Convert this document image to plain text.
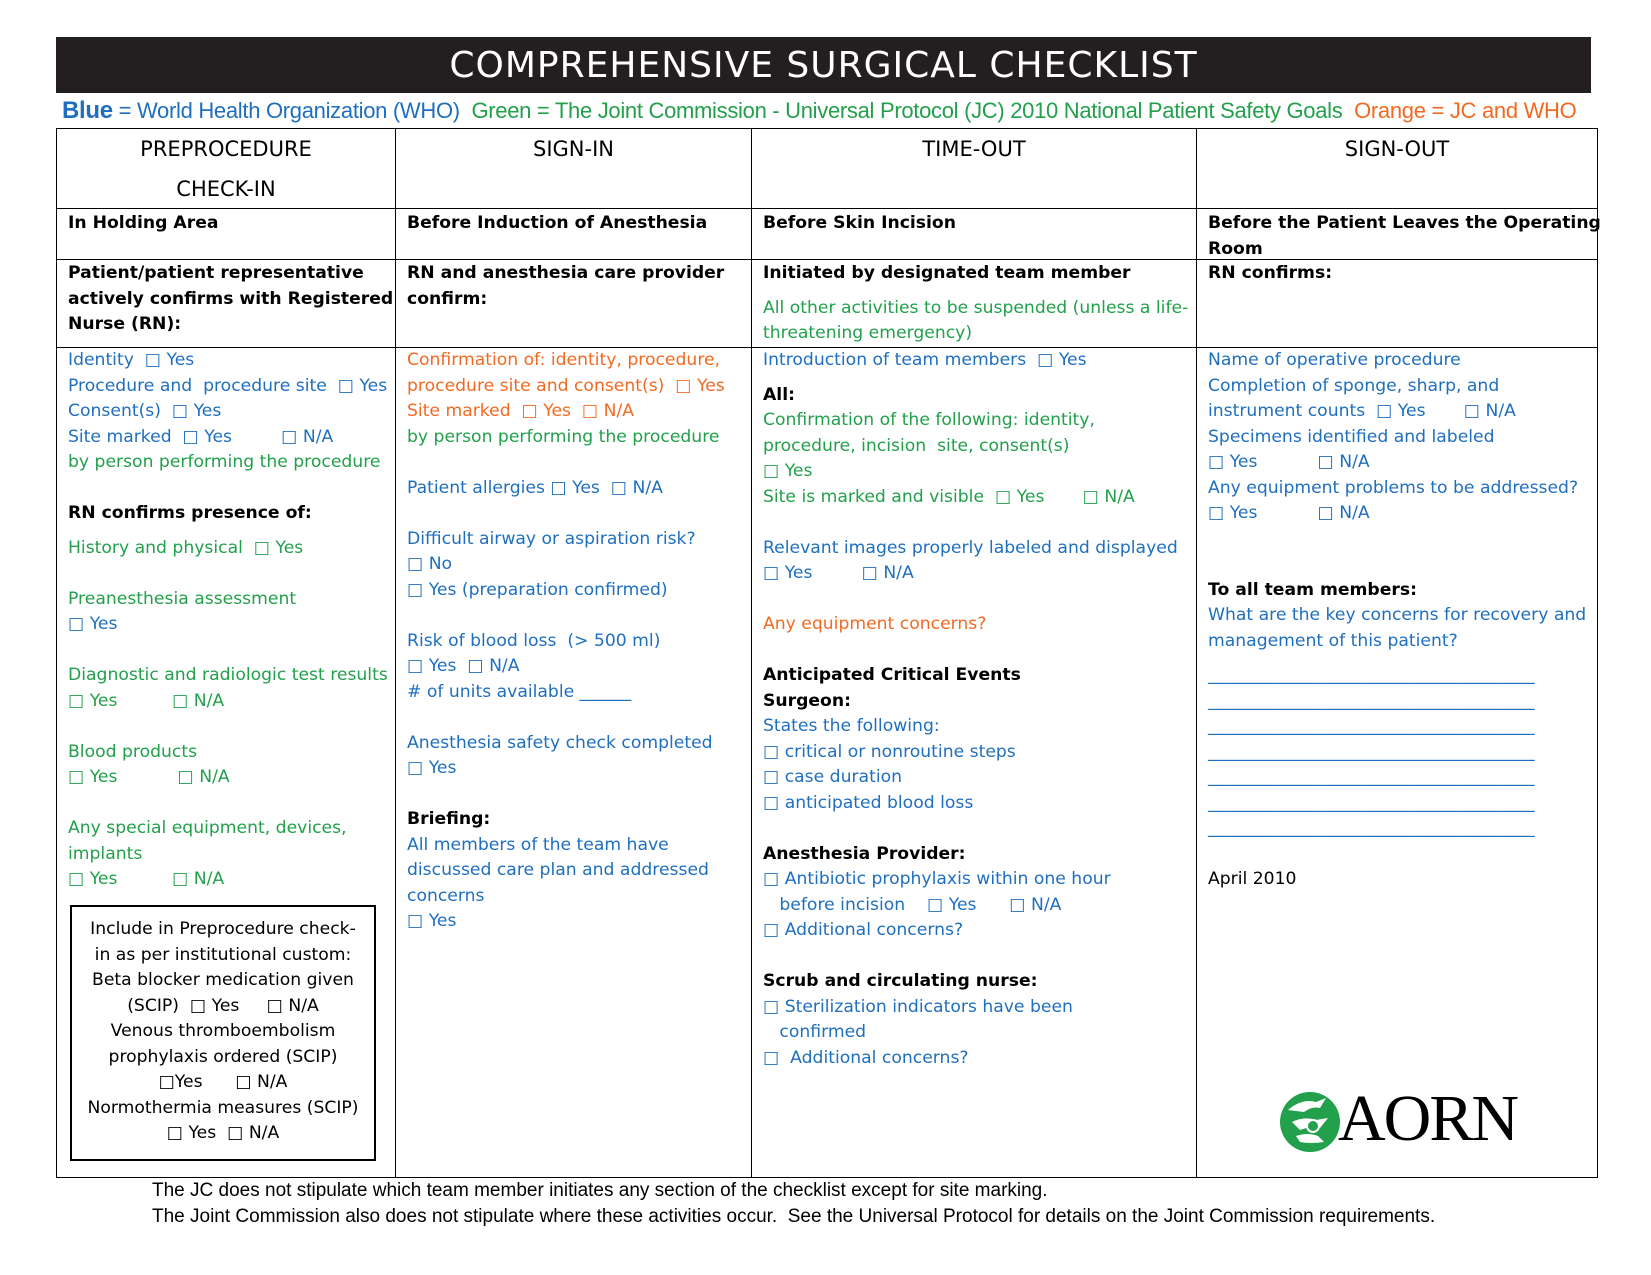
COMPREHENSIVE SURGICAL CHECKLIST
Blue = World Health Organization (WHO) Green = The Joint Commission - Universal Protocol (JC) 2010 National Patient Safety Goals Orange = JC and WHO
PREPROCEDURE
CHECK-IN
In Holding Area
Patient/patient representative
actively confirms with Registered
Nurse (RN):
Identity  □ Yes
Procedure and  procedure site  □ Yes
Consent(s)  □ Yes
Site marked  □ Yes         □ N/A
by person performing the procedure
RN confirms presence of:
History and physical  □ Yes
Preanesthesia assessment
□ Yes
Diagnostic and radiologic test results
□ Yes          □ N/A
Blood products
□ Yes           □ N/A
Any special equipment, devices,
implants
□ Yes          □ N/A
SIGN-IN
Before Induction of Anesthesia
RN and anesthesia care provider
confirm:
Confirmation of: identity, procedure,
procedure site and consent(s)  □ Yes
Site marked  □ Yes  □ N/A
by person performing the procedure
Patient allergies □ Yes  □ N/A
Difficult airway or aspiration risk?
□ No
□ Yes (preparation confirmed)
Risk of blood loss  (> 500 ml)
□ Yes  □ N/A
# of units available ______
Anesthesia safety check completed
□ Yes
Briefing:
All members of the team have
discussed care plan and addressed
concerns
□ Yes
TIME-OUT
Before Skin Incision
Initiated by designated team member
All other activities to be suspended (unless a life-
threatening emergency)
Introduction of team members  □ Yes
All:
Confirmation of the following: identity,
procedure, incision  site, consent(s)
□ Yes
Site is marked and visible  □ Yes       □ N/A
Relevant images properly labeled and displayed
□ Yes         □ N/A
Any equipment concerns?
Anticipated Critical Events
Surgeon:
States the following:
□ critical or nonroutine steps
□ case duration
□ anticipated blood loss
Anesthesia Provider:
□ Antibiotic prophylaxis within one hour
before incision    □ Yes      □ N/A
□ Additional concerns?
Scrub and circulating nurse:
□ Sterilization indicators have been
confirmed
□  Additional concerns?
SIGN-OUT
Before the Patient Leaves the Operating
Room
RN confirms:
Name of operative procedure
Completion of sponge, sharp, and
instrument counts  □ Yes       □ N/A
Specimens identified and labeled
□ Yes           □ N/A
Any equipment problems to be addressed?
□ Yes           □ N/A
To all team members:
What are the key concerns for recovery and
management of this patient?
______________________________________
______________________________________
______________________________________
______________________________________
______________________________________
______________________________________
______________________________________
April 2010
Include in Preprocedure check-
in as per institutional custom:
Beta blocker medication given
(SCIP)  □ Yes     □ N/A
Venous thromboembolism
prophylaxis ordered (SCIP)
□Yes      □ N/A
Normothermia measures (SCIP)
□ Yes  □ N/A	AORN
The JC does not stipulate which team member initiates any section of the checklist except for site marking.
The Joint Commission also does not stipulate where these activities occur.  See the Universal Protocol for details on the Joint Commission requirements.
